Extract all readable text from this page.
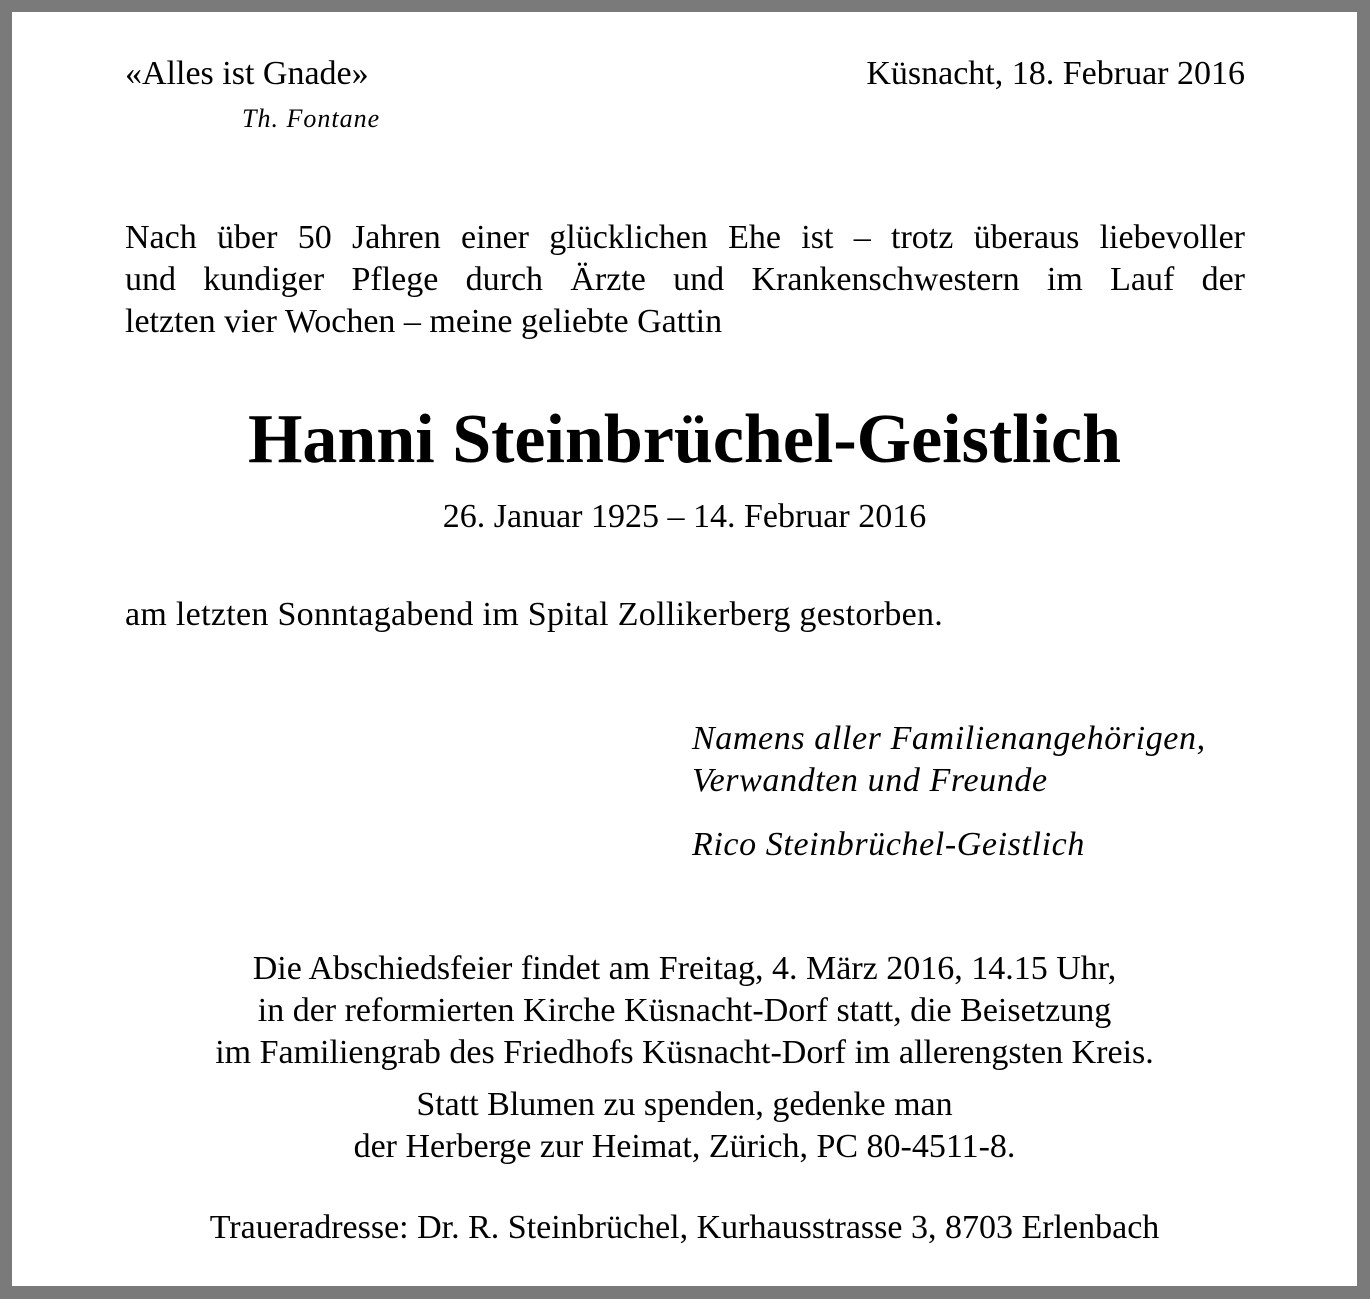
«Alles ist Gnade»
Th. Fontane
Küsnacht, 18. Februar 2016
Nach über 50 Jahren einer glücklichen Ehe ist – trotz überaus liebevoller
und kundiger Pflege durch Ärzte und Krankenschwestern im Lauf der
letzten vier Wochen – meine geliebte Gattin
Hanni Steinbrüchel-Geistlich
26. Januar 1925 – 14. Februar 2016
am letzten Sonntagabend im Spital Zollikerberg gestorben.
Namens aller Familienangehörigen,
Verwandten und Freunde
Rico Steinbrüchel-Geistlich
Die Abschiedsfeier findet am Freitag, 4. März 2016, 14.15 Uhr,
in der reformierten Kirche Küsnacht-Dorf statt, die Beisetzung
im Familiengrab des Friedhofs Küsnacht-Dorf im allerengsten Kreis.
Statt Blumen zu spenden, gedenke man
der Herberge zur Heimat, Zürich, PC 80-4511-8.
Traueradresse: Dr. R. Steinbrüchel, Kurhausstrasse 3, 8703 Erlenbach
